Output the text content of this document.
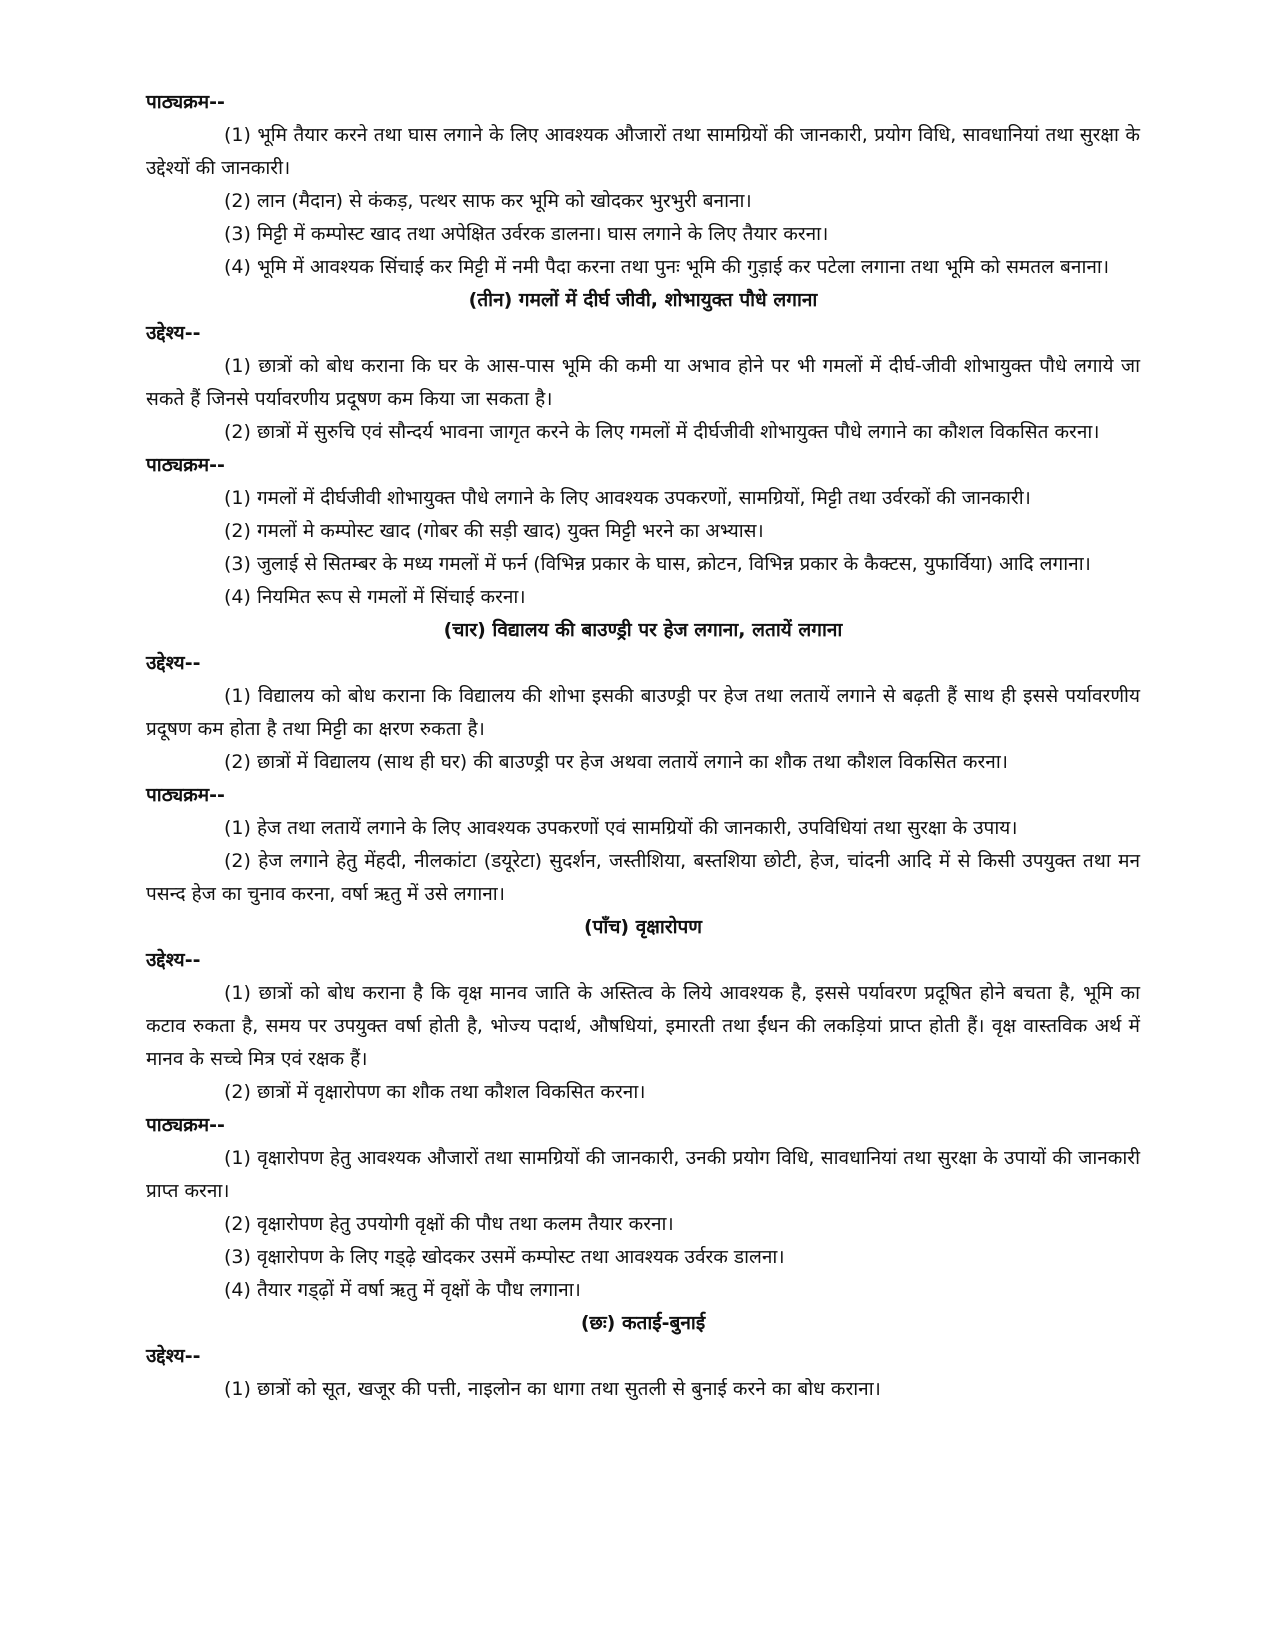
पाठ्यक्रम--

(1) भूमि तैयार करने तथा घास लगाने के लिए आवश्यक औजारों तथा सामग्रियों की जानकारी, प्रयोग विधि, सावधानियां तथा सुरक्षा के उद्देश्यों की जानकारी।

(2) लान (मैदान) से कंकड़, पत्थर साफ कर भूमि को खोदकर भुरभुरी बनाना।

(3) मिट्टी में कम्पोस्ट खाद तथा अपेक्षित उर्वरक डालना। घास लगाने के लिए तैयार करना।

(4) भूमि में आवश्यक सिंचाई कर मिट्टी में नमी पैदा करना तथा पुनः भूमि की गुड़ाई कर पटेला लगाना तथा भूमि को समतल बनाना।

(तीन) गमलों में दीर्घ जीवी, शोभायुक्त पौधे लगाना

उद्देश्य--

(1) छात्रों को बोध कराना कि घर के आस-पास भूमि की कमी या अभाव होने पर भी गमलों में दीर्घ-जीवी शोभायुक्त पौधे लगाये जा सकते हैं जिनसे पर्यावरणीय प्रदूषण कम किया जा सकता है।

(2) छात्रों में सुरुचि एवं सौन्दर्य भावना जागृत करने के लिए गमलों में दीर्घजीवी शोभायुक्त पौधे लगाने का कौशल विकसित करना।

पाठ्यक्रम--

(1) गमलों में दीर्घजीवी शोभायुक्त पौधे लगाने के लिए आवश्यक उपकरणों, सामग्रियों, मिट्टी तथा उर्वरकों की जानकारी।

(2) गमलों मे कम्पोस्ट खाद (गोबर की सड़ी खाद) युक्त मिट्टी भरने का अभ्यास।

(3) जुलाई से सितम्बर के मध्य गमलों में फर्न (विभिन्न प्रकार के घास, क्रोटन, विभिन्न प्रकार के कैक्टस, युफार्विया) आदि लगाना।

(4) नियमित रूप से गमलों में सिंचाई करना।

(चार) विद्यालय की बाउण्ड्री पर हेज लगाना, लतायें लगाना

उद्देश्य--

(1) विद्यालय को बोध कराना कि विद्यालय की शोभा इसकी बाउण्ड्री पर हेज तथा लतायें लगाने से बढ़ती हैं साथ ही इससे पर्यावरणीय प्रदूषण कम होता है तथा मिट्टी का क्षरण रुकता है।

(2) छात्रों में विद्यालय (साथ ही घर) की बाउण्ड्री पर हेज अथवा लतायें लगाने का शौक तथा कौशल विकसित करना।

पाठ्यक्रम--

(1) हेज तथा लतायें लगाने के लिए आवश्यक उपकरणों एवं सामग्रियों की जानकारी, उपविधियां तथा सुरक्षा के उपाय।

(2) हेज लगाने हेतु मेंहदी, नीलकांटा (डयूरेटा) सुदर्शन, जस्तीशिया, बस्तशिया छोटी, हेज, चांदनी आदि में से किसी उपयुक्त तथा मन पसन्द हेज का चुनाव करना, वर्षा ऋतु में उसे लगाना।

(पाँच) वृक्षारोपण

उद्देश्य--

(1) छात्रों को बोध कराना है कि वृक्ष मानव जाति के अस्तित्व के लिये आवश्यक है, इससे पर्यावरण प्रदूषित होने बचता है, भूमि का कटाव रुकता है, समय पर उपयुक्त वर्षा होती है, भोज्य पदार्थ, औषधियां, इमारती तथा ईंधन की लकड़ियां प्राप्त होती हैं। वृक्ष वास्तविक अर्थ में मानव के सच्चे मित्र एवं रक्षक हैं।

(2) छात्रों में वृक्षारोपण का शौक तथा कौशल विकसित करना।

पाठ्यक्रम--

(1) वृक्षारोपण हेतु आवश्यक औजारों तथा सामग्रियों की जानकारी, उनकी प्रयोग विधि, सावधानियां तथा सुरक्षा के उपायों की जानकारी प्राप्त करना।

(2) वृक्षारोपण हेतु उपयोगी वृक्षों की पौध तथा कलम तैयार करना।

(3) वृक्षारोपण के लिए गड्ढ़े खोदकर उसमें कम्पोस्ट तथा आवश्यक उर्वरक डालना।

(4) तैयार गड्ढ़ों में वर्षा ऋतु में वृक्षों के पौध लगाना।

(छः) कताई-बुनाई

उद्देश्य--

(1) छात्रों को सूत, खजूर की पत्ती, नाइलोन का धागा तथा सुतली से बुनाई करने का बोध कराना।
